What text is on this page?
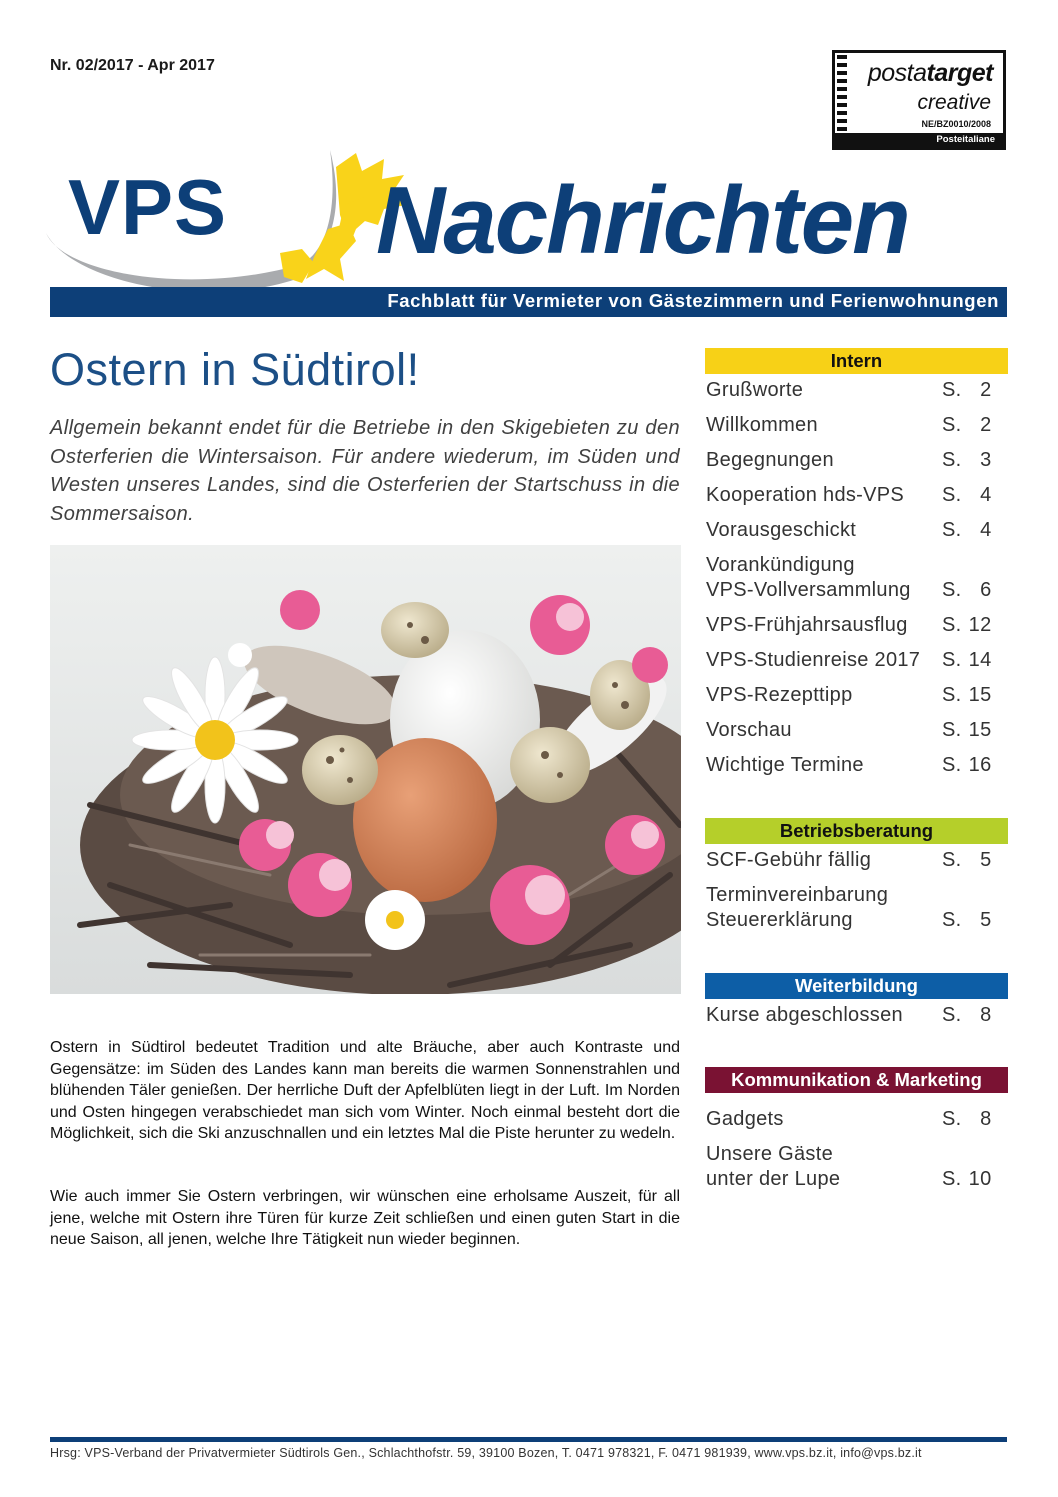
Nr. 02/2017 - Apr 2017	postatarget
creative
NE/BZ0010/2008
Posteitaliane
VPS Nachrichten
Fachblatt für Vermieter von Gästezimmern und Ferienwohnungen
Ostern in Südtirol!
Allgemein bekannt endet für die Betriebe in den Skigebieten zu den Osterferien die Wintersaison. Für andere wiederum, im Süden und Westen unseres Landes, sind die Osterferien der Startschuss in die Sommersaison.
Ostern in Südtirol bedeutet Tradition und alte Bräuche, aber auch Kontraste und Gegensätze: im Süden des Landes kann man bereits die warmen Sonnenstrahlen und blühenden Täler genießen. Der herrliche Duft der Apfelblüten liegt in der Luft. Im Norden und Osten hingegen verabschiedet man sich vom Winter. Noch einmal besteht dort die Möglichkeit, sich die Ski anzuschnallen und ein letztes Mal die Piste herunter zu wedeln.
Wie auch immer Sie Ostern verbringen, wir wünschen eine erholsame Auszeit, für all jene, welche mit Ostern ihre Türen für kurze Zeit schließen und einen guten Start in die neue Saison, all jenen, welche Ihre Tätigkeit nun wieder beginnen.
Intern
Grußworte	S. 2
Willkommen	S. 2
Begegnungen	S. 3
Kooperation hds-VPS	S. 4
Vorausgeschickt	S. 4
Vorankündigung
VPS-Vollversammlung	S. 6
VPS-Frühjahrsausflug	S. 12
VPS-Studienreise 2017	S. 14
VPS-Rezepttipp	S. 15
Vorschau	S. 15
Wichtige Termine	S. 16
Betriebsberatung
SCF-Gebühr fällig	S. 5
Terminvereinbarung
Steuererklärung	S. 5
Weiterbildung
Kurse abgeschlossen	S. 8
Kommunikation & Marketing
Gadgets	S. 8
Unsere Gäste
unter der Lupe	S. 10
Hrsg: VPS-Verband der Privatvermieter Südtirols Gen., Schlachthofstr. 59, 39100 Bozen, T. 0471 978321, F. 0471 981939, www.vps.bz.it, info@vps.bz.it
